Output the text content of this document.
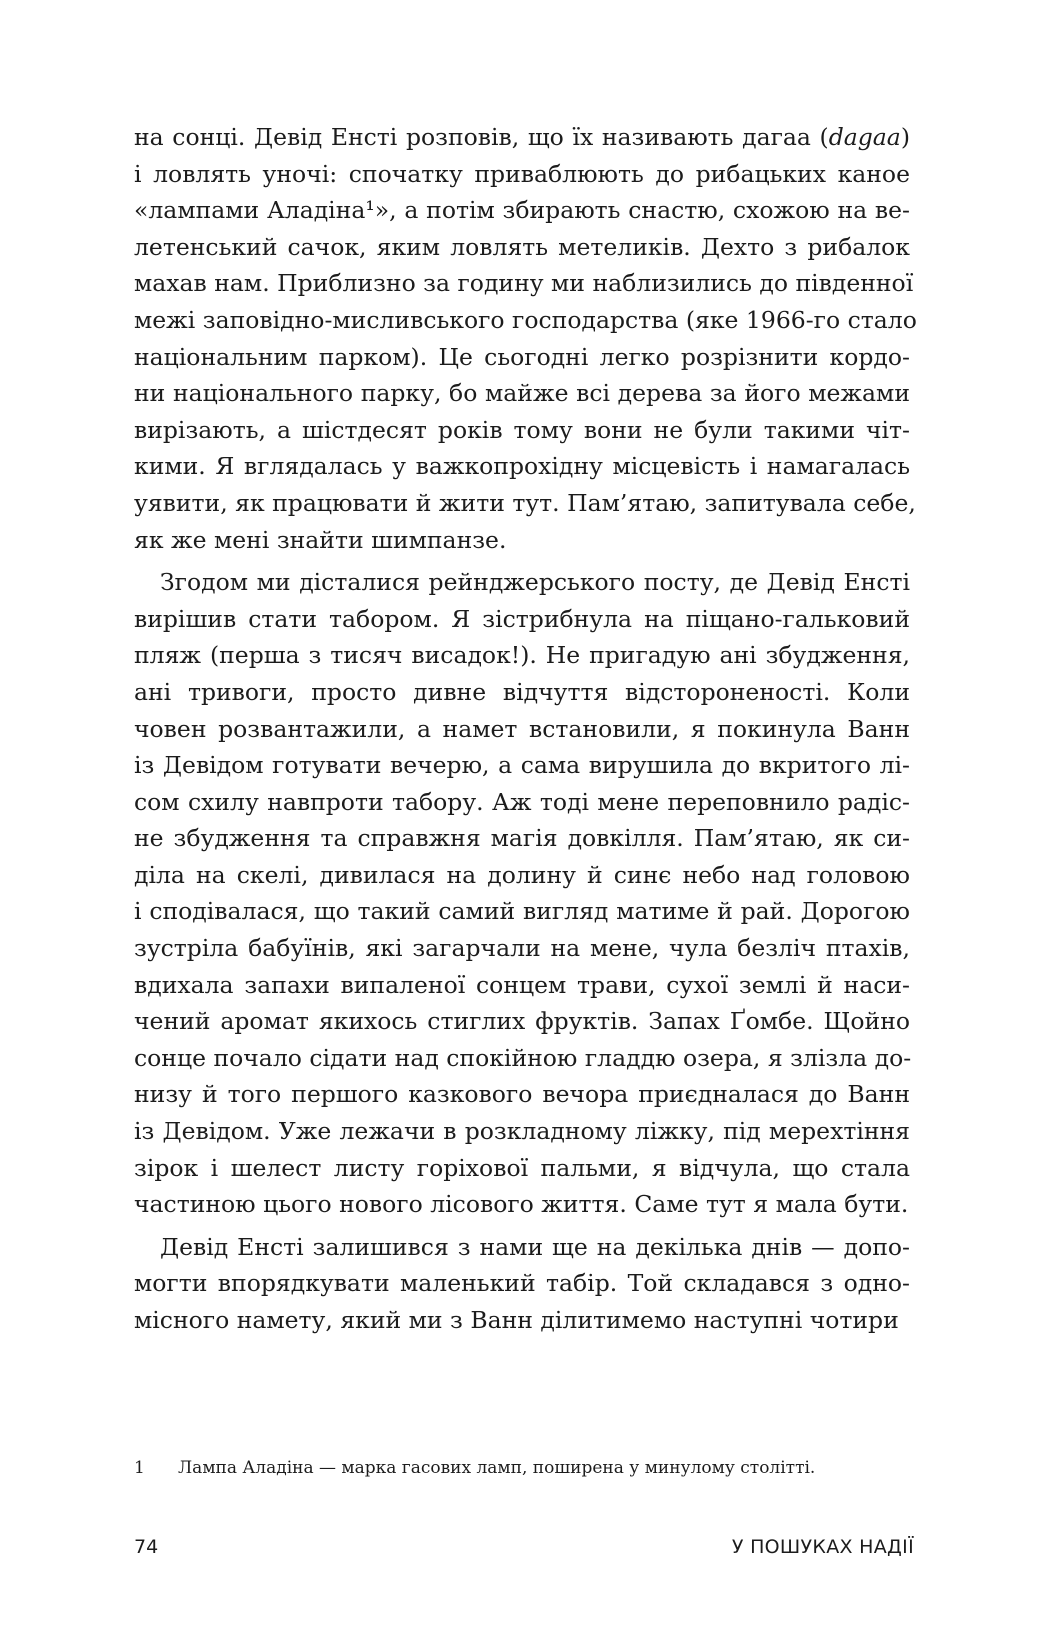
на сонці. Девід Енсті розповів, що їх називають дагаа (dagaa)
і ловлять уночі: спочатку приваблюють до рибацьких каное
«лампами Аладіна¹», а потім збирають снастю, схожою на ве-
летенський сачок, яким ловлять метеликів. Дехто з рибалок
махав нам. Приблизно за годину ми наблизились до південної
межі заповідно-мисливського господарства (яке 1966-го стало
національним парком). Це сьогодні легко розрізнити кордо-
ни національного парку, бо майже всі дерева за його межами
вирізають, а шістдесят років тому вони не були такими чіт-
кими. Я вглядалась у важкопрохідну місцевість і намагалась
уявити, як працювати й жити тут. Пам’ятаю, запитувала себе,
як же мені знайти шимпанзе.
Згодом ми дісталися рейнджерського посту, де Девід Енсті
вирішив стати табором. Я зістрибнула на піщано-гальковий
пляж (перша з тисяч висадок!). Не пригадую ані збудження,
ані тривоги, просто дивне відчуття відстороненості. Коли
човен розвантажили, а намет встановили, я покинула Ванн
із Девідом готувати вечерю, а сама вирушила до вкритого лі-
сом схилу навпроти табору. Аж тоді мене переповнило радіс-
не збудження та справжня магія довкілля. Пам’ятаю, як си-
діла на скелі, дивилася на долину й синє небо над головою
і сподівалася, що такий самий вигляд матиме й рай. Дорогою
зустріла бабуїнів, які загарчали на мене, чула безліч птахів,
вдихала запахи випаленої сонцем трави, сухої землі й наси-
чений аромат якихось стиглих фруктів. Запах Ґомбе. Щойно
сонце почало сідати над спокійною гладдю озера, я злізла до-
низу й того першого казкового вечора приєдналася до Ванн
із Девідом. Уже лежачи в розкладному ліжку, під мерехтіння
зірок і шелест листу горіхової пальми, я відчула, що стала
частиною цього нового лісового життя. Саме тут я мала бути.
Девід Енсті залишився з нами ще на декілька днів — допо-
могти впорядкувати маленький табір. Той складався з одно-
місного намету, який ми з Ванн ділитимемо наступні чотири
1 Лампа Аладіна — марка гасових ламп, поширена у минулому столітті.
74	У ПОШУКАХ НАДІЇ
